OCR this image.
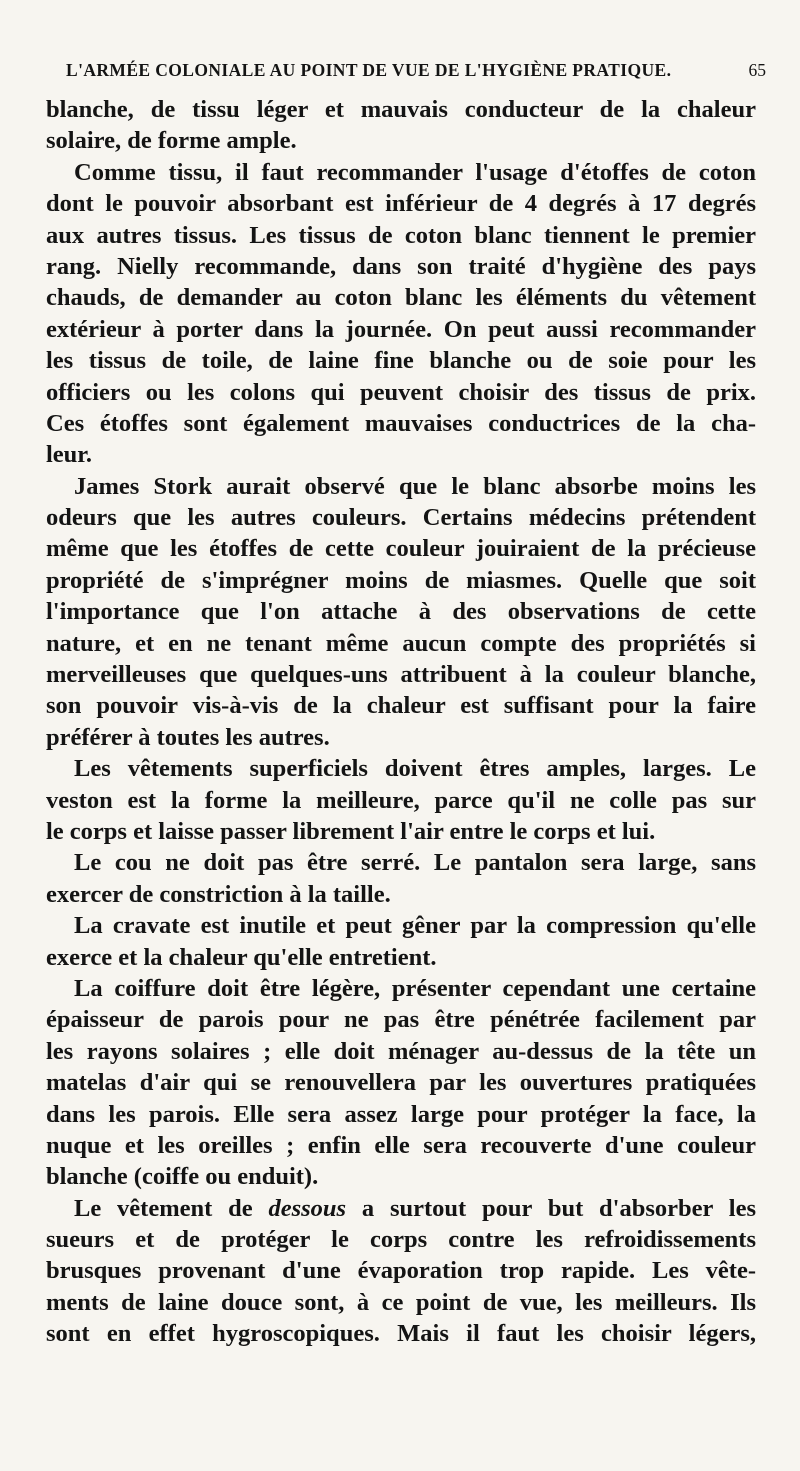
L'ARMÉE COLONIALE AU POINT DE VUE DE L'HYGIÈNE PRATIQUE.	65
blanche, de tissu léger et mauvais conducteur de la chaleur
solaire, de forme ample.
Comme tissu, il faut recommander l'usage d'étoffes de coton
dont le pouvoir absorbant est inférieur de 4 degrés à 17 degrés
aux autres tissus. Les tissus de coton blanc tiennent le premier
rang. Nielly recommande, dans son traité d'hygiène des pays
chauds, de demander au coton blanc les éléments du vêtement
extérieur à porter dans la journée. On peut aussi recommander
les tissus de toile, de laine fine blanche ou de soie pour les
officiers ou les colons qui peuvent choisir des tissus de prix.
Ces étoffes sont également mauvaises conductrices de la cha-
leur.
James Stork aurait observé que le blanc absorbe moins les
odeurs que les autres couleurs. Certains médecins prétendent
même que les étoffes de cette couleur jouiraient de la précieuse
propriété de s'imprégner moins de miasmes. Quelle que soit
l'importance que l'on attache à des observations de cette
nature, et en ne tenant même aucun compte des propriétés si
merveilleuses que quelques-uns attribuent à la couleur blanche,
son pouvoir vis-à-vis de la chaleur est suffisant pour la faire
préférer à toutes les autres.
Les vêtements superficiels doivent êtres amples, larges. Le
veston est la forme la meilleure, parce qu'il ne colle pas sur
le corps et laisse passer librement l'air entre le corps et lui.
Le cou ne doit pas être serré. Le pantalon sera large, sans
exercer de constriction à la taille.
La cravate est inutile et peut gêner par la compression qu'elle
exerce et la chaleur qu'elle entretient.
La coiffure doit être légère, présenter cependant une certaine
épaisseur de parois pour ne pas être pénétrée facilement par
les rayons solaires ; elle doit ménager au-dessus de la tête un
matelas d'air qui se renouvellera par les ouvertures pratiquées
dans les parois. Elle sera assez large pour protéger la face, la
nuque et les oreilles ; enfin elle sera recouverte d'une couleur
blanche (coiffe ou enduit).
Le vêtement de dessous a surtout pour but d'absorber les
sueurs et de protéger le corps contre les refroidissements
brusques provenant d'une évaporation trop rapide. Les vête-
ments de laine douce sont, à ce point de vue, les meilleurs. Ils
sont en effet hygroscopiques. Mais il faut les choisir légers,
